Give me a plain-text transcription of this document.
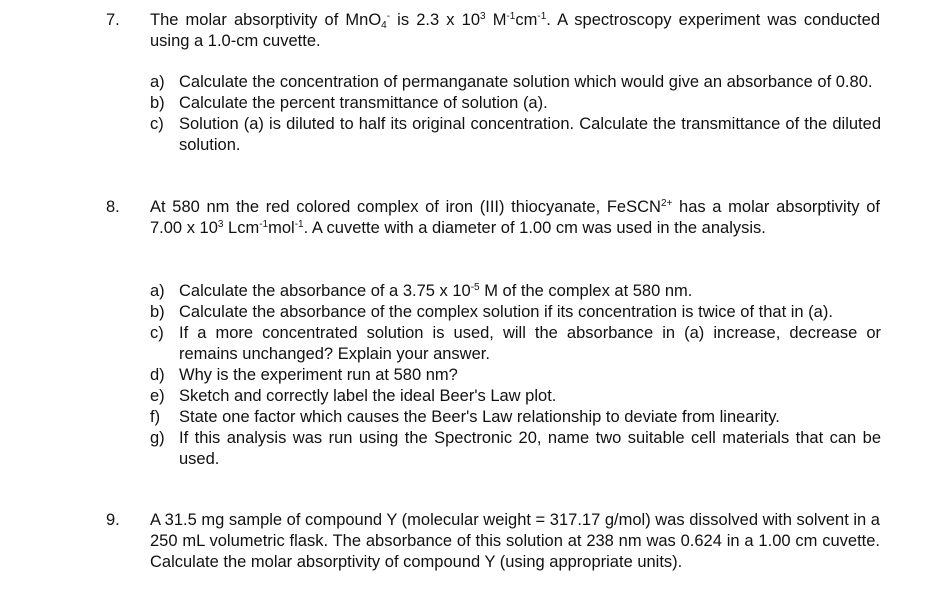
7. The molar absorptivity of MnO$_4$- is 2.3 x $10^3$ $M^{-1}cm^{-1}$. A spectroscopy experiment was conducted using a 1.0-cm cuvette.
a) Calculate the concentration of permanganate solution which would give an absorbance of 0.80.
b) Calculate the percent transmittance of solution (a).
c) Solution (a) is diluted to half its original concentration. Calculate the transmittance of the diluted solution.
8. At 580 nm the red colored complex of iron (III) thiocyanate, FeSCN$^{2+}$ has a molar absorptivity of 7.00 x $10^3$ Lcm$^{-1}$mol$^{-1}$. A cuvette with a diameter of 1.00 cm was used in the analysis.
a) Calculate the absorbance of a 3.75 x $10^{-5}$ M of the complex at 580 nm.
b) Calculate the absorbance of the complex solution if its concentration is twice of that in (a).
c) If a more concentrated solution is used, will the absorbance in (a) increase, decrease or remains unchanged? Explain your answer.
d) Why is the experiment run at 580 nm?
e) Sketch and correctly label the ideal Beer's Law plot.
f) State one factor which causes the Beer's Law relationship to deviate from linearity.
g) If this analysis was run using the Spectronic 20, name two suitable cell materials that can be used.
9. A 31.5 mg sample of compound Y (molecular weight = 317.17 g/mol) was dissolved with solvent in a 250 mL volumetric flask. The absorbance of this solution at 238 nm was 0.624 in a 1.00 cm cuvette. Calculate the molar absorptivity of compound Y (using appropriate units).
